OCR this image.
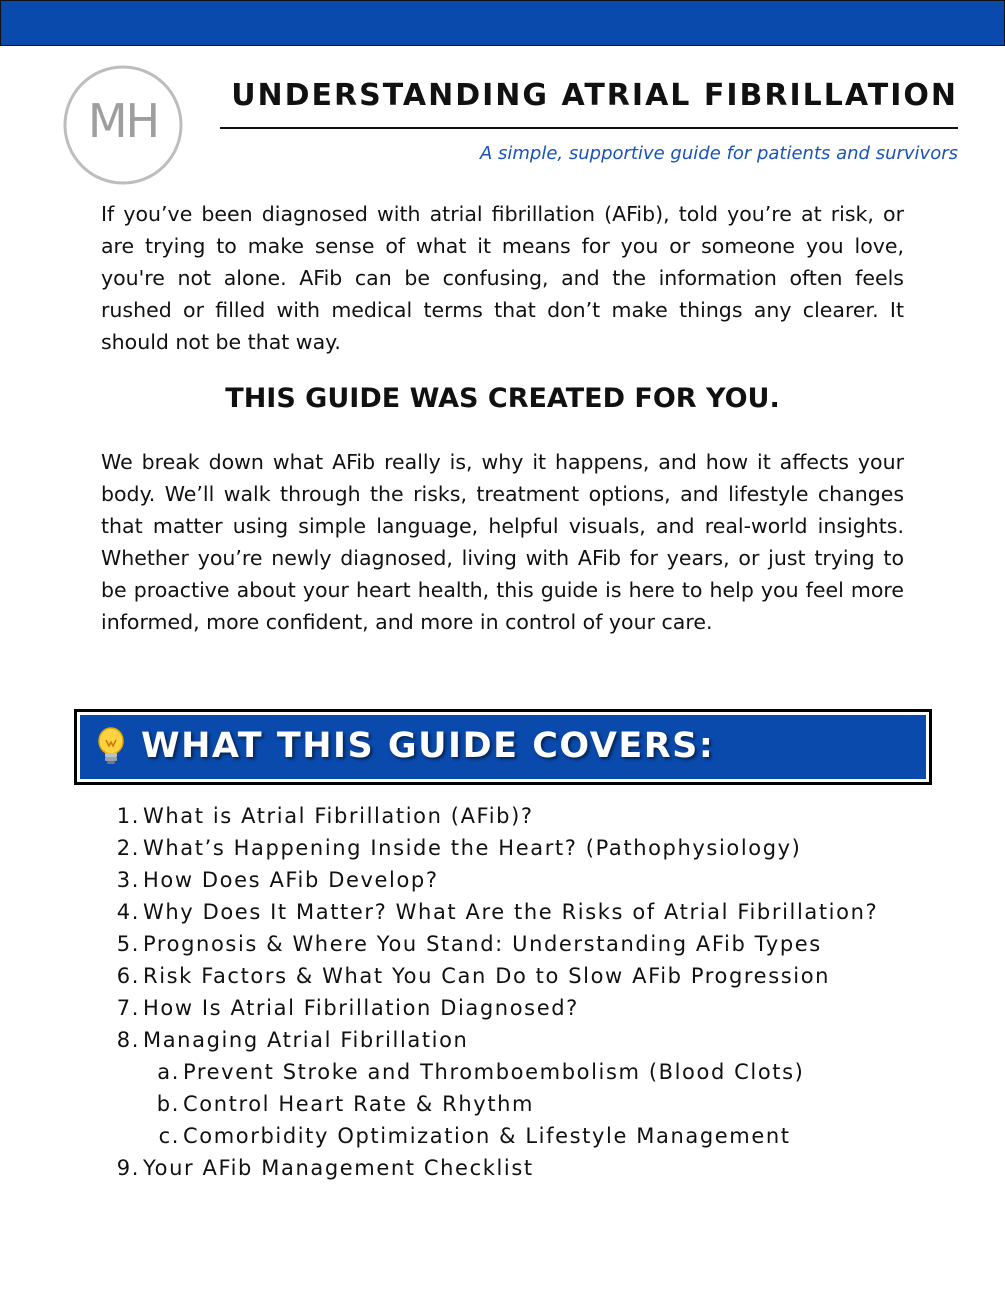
MH UNDERSTANDING ATRIAL FIBRILLATION
A simple, supportive guide for patients and survivors

If you’ve been diagnosed with atrial fibrillation (AFib), told you’re at risk, or are trying to make sense of what it means for you or someone you love, you're not alone. AFib can be confusing, and the information often feels rushed or filled with medical terms that don’t make things any clearer. It should not be that way.

THIS GUIDE WAS CREATED FOR YOU.

We break down what AFib really is, why it happens, and how it affects your body. We’ll walk through the risks, treatment options, and lifestyle changes that matter using simple language, helpful visuals, and real-world insights. Whether you’re newly diagnosed, living with AFib for years, or just trying to be proactive about your heart health, this guide is here to help you feel more informed, more confident, and more in control of your care.

WHAT THIS GUIDE COVERS:
1. What is Atrial Fibrillation (AFib)?
2. What’s Happening Inside the Heart? (Pathophysiology)
3. How Does AFib Develop?
4. Why Does It Matter? What Are the Risks of Atrial Fibrillation?
5. Prognosis & Where You Stand: Understanding AFib Types
6. Risk Factors & What You Can Do to Slow AFib Progression
7. How Is Atrial Fibrillation Diagnosed?
8. Managing Atrial Fibrillation
a. Prevent Stroke and Thromboembolism (Blood Clots)
b. Control Heart Rate & Rhythm
c. Comorbidity Optimization & Lifestyle Management
9. Your AFib Management Checklist
